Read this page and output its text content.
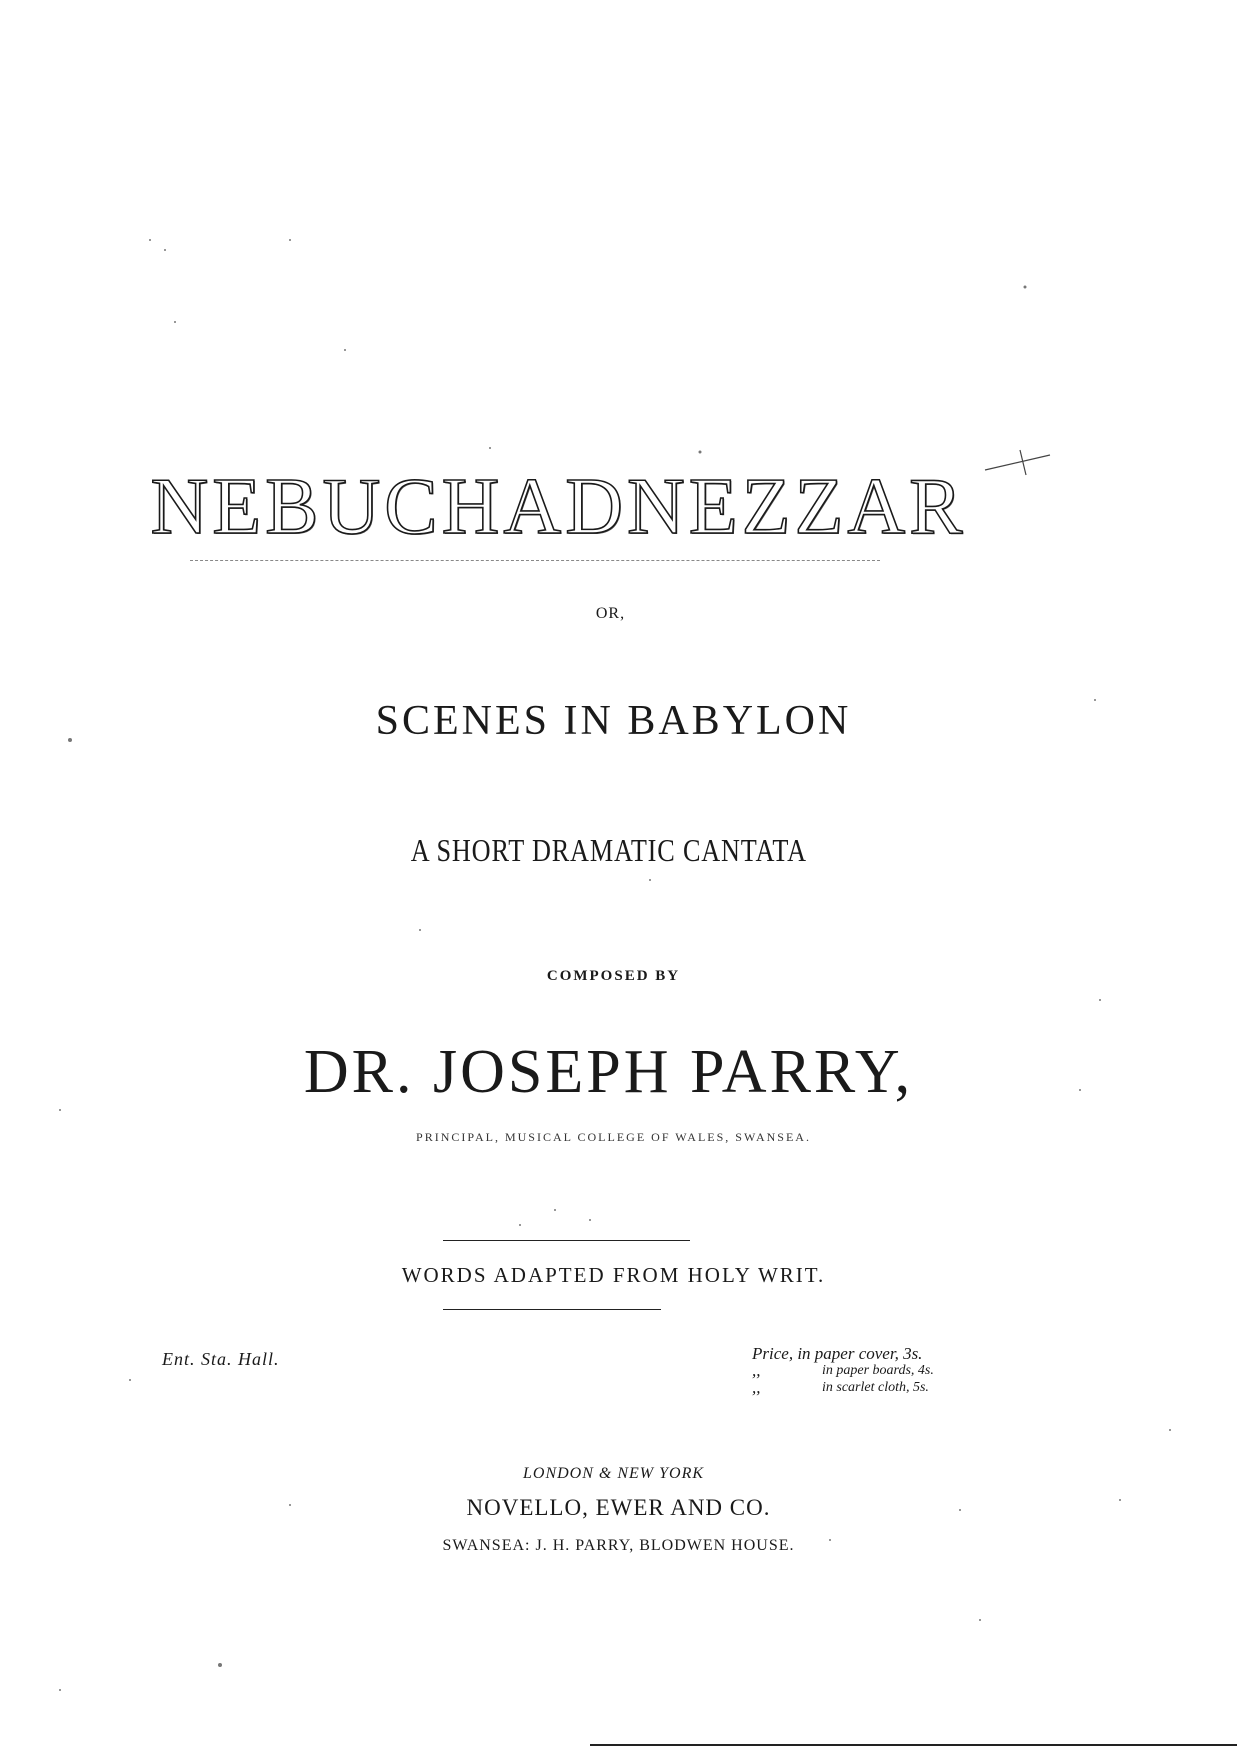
NEBUCHADNEZZAR
OR,
SCENES IN BABYLON
A SHORT DRAMATIC CANTATA
COMPOSED BY
DR. JOSEPH PARRY,
PRINCIPAL, MUSICAL COLLEGE OF WALES, SWANSEA.
WORDS ADAPTED FROM HOLY WRIT.
Ent. Sta. Hall.	Price, in paper cover, 3s.
,,	in paper boards, 4s.
,,	in scarlet cloth, 5s.
LONDON & NEW YORK
NOVELLO, EWER AND CO.
SWANSEA: J. H. PARRY, BLODWEN HOUSE.
